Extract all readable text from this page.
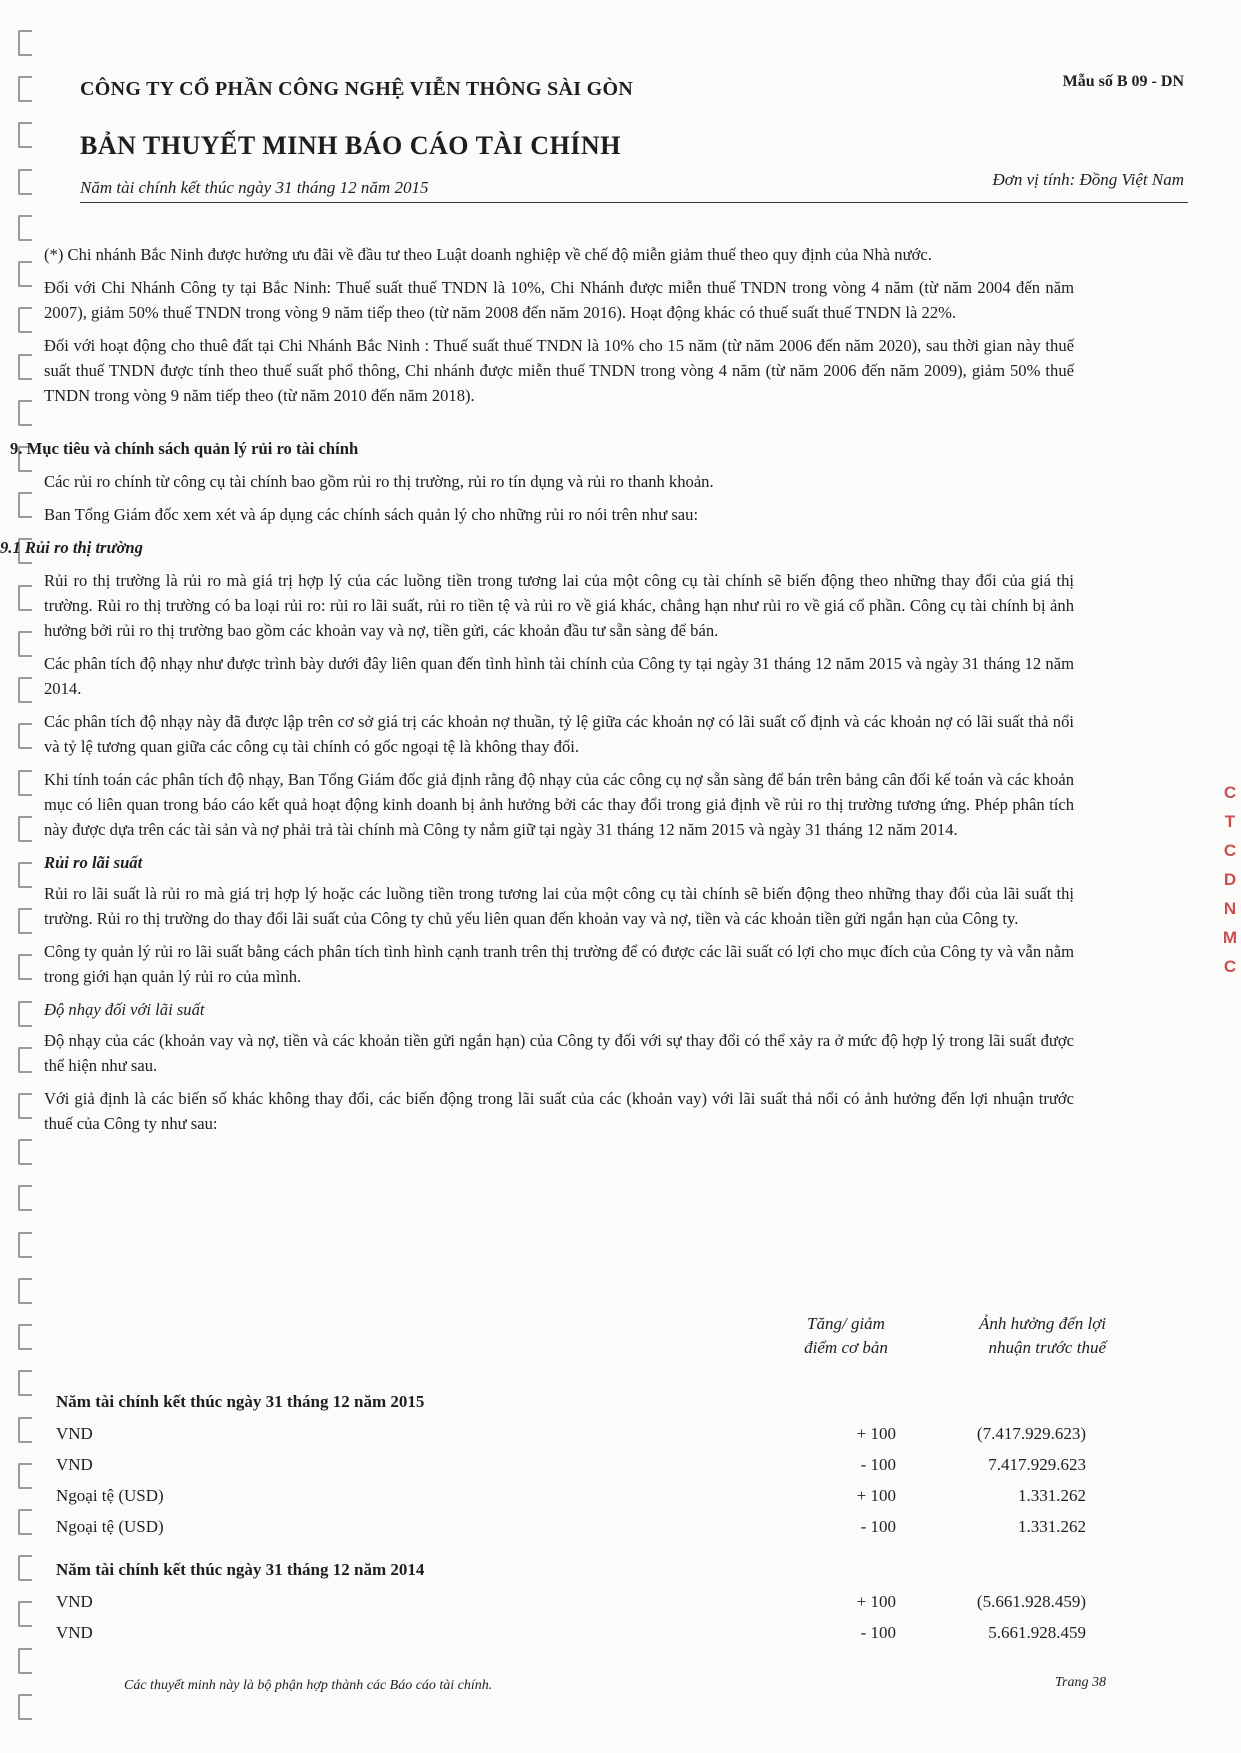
C
T
C
D
N
M
C
CÔNG TY CỔ PHẦN CÔNG NGHỆ VIỄN THÔNG SÀI GÒN	Mẫu số B 09 - DN
BẢN THUYẾT MINH BÁO CÁO TÀI CHÍNH
Năm tài chính kết thúc ngày 31 tháng 12 năm 2015	Đơn vị tính: Đồng Việt Nam

(*) Chi nhánh Bắc Ninh được hưởng ưu đãi về đầu tư theo Luật doanh nghiệp về chế độ miễn giảm thuế theo quy định của Nhà nước.

Đối với Chi Nhánh Công ty tại Bắc Ninh: Thuế suất thuế TNDN là 10%, Chi Nhánh được miễn thuế TNDN trong vòng 4 năm (từ năm 2004 đến năm 2007), giảm 50% thuế TNDN trong vòng 9 năm tiếp theo (từ năm 2008 đến năm 2016). Hoạt động khác có thuế suất thuế TNDN là 22%.

Đối với hoạt động cho thuê đất tại Chi Nhánh Bắc Ninh : Thuế suất thuế TNDN là 10% cho 15 năm (từ năm 2006 đến năm 2020), sau thời gian này thuế suất thuế TNDN được tính theo thuế suất phổ thông, Chi nhánh được miễn thuế TNDN trong vòng 4 năm (từ năm 2006 đến năm 2009), giảm 50% thuế TNDN trong vòng 9 năm tiếp theo (từ năm 2010 đến năm 2018).

9. Mục tiêu và chính sách quản lý rủi ro tài chính

Các rủi ro chính từ công cụ tài chính bao gồm rủi ro thị trường, rủi ro tín dụng và rủi ro thanh khoản.

Ban Tổng Giám đốc xem xét và áp dụng các chính sách quản lý cho những rủi ro nói trên như sau:

9.1 Rủi ro thị trường

Rủi ro thị trường là rủi ro mà giá trị hợp lý của các luồng tiền trong tương lai của một công cụ tài chính sẽ biến động theo những thay đổi của giá thị trường. Rủi ro thị trường có ba loại rủi ro: rủi ro lãi suất, rủi ro tiền tệ và rủi ro về giá khác, chẳng hạn như rủi ro về giá cổ phần. Công cụ tài chính bị ảnh hưởng bởi rủi ro thị trường bao gồm các khoản vay và nợ, tiền gửi, các khoản đầu tư sẵn sàng để bán.

Các phân tích độ nhạy như được trình bày dưới đây liên quan đến tình hình tài chính của Công ty tại ngày 31 tháng 12 năm 2015 và ngày 31 tháng 12 năm 2014.

Các phân tích độ nhạy này đã được lập trên cơ sở giá trị các khoản nợ thuần, tỷ lệ giữa các khoản nợ có lãi suất cố định và các khoản nợ có lãi suất thả nổi và tỷ lệ tương quan giữa các công cụ tài chính có gốc ngoại tệ là không thay đổi.

Khi tính toán các phân tích độ nhạy, Ban Tổng Giám đốc giả định rằng độ nhạy của các công cụ nợ sẵn sàng để bán trên bảng cân đối kế toán và các khoản mục có liên quan trong báo cáo kết quả hoạt động kinh doanh bị ảnh hưởng bởi các thay đổi trong giả định về rủi ro thị trường tương ứng. Phép phân tích này được dựa trên các tài sản và nợ phải trả tài chính mà Công ty nắm giữ tại ngày 31 tháng 12 năm 2015 và ngày 31 tháng 12 năm 2014.

Rủi ro lãi suất

Rủi ro lãi suất là rủi ro mà giá trị hợp lý hoặc các luồng tiền trong tương lai của một công cụ tài chính sẽ biến động theo những thay đổi của lãi suất thị trường. Rủi ro thị trường do thay đổi lãi suất của Công ty chủ yếu liên quan đến khoản vay và nợ, tiền và các khoản tiền gửi ngắn hạn của Công ty.

Công ty quản lý rủi ro lãi suất bằng cách phân tích tình hình cạnh tranh trên thị trường để có được các lãi suất có lợi cho mục đích của Công ty và vẫn nằm trong giới hạn quản lý rủi ro của mình.

Độ nhạy đối với lãi suất

Độ nhạy của các (khoản vay và nợ, tiền và các khoản tiền gửi ngắn hạn) của Công ty đối với sự thay đổi có thể xảy ra ở mức độ hợp lý trong lãi suất được thể hiện như sau.

Với giả định là các biến số khác không thay đổi, các biến động trong lãi suất của các (khoản vay) với lãi suất thả nổi có ảnh hưởng đến lợi nhuận trước thuế của Công ty như sau:

Tăng/ giảm
điểm cơ bản
Ảnh hưởng đến lợi
nhuận trước thuế
Năm tài chính kết thúc ngày 31 tháng 12 năm 2015
VND	+ 100	(7.417.929.623)
VND	- 100	7.417.929.623
Ngoại tệ (USD)	+ 100	1.331.262
Ngoại tệ (USD)	- 100	1.331.262
Năm tài chính kết thúc ngày 31 tháng 12 năm 2014
VND	+ 100	(5.661.928.459)
VND	- 100	5.661.928.459
Các thuyết minh này là bộ phận hợp thành các Báo cáo tài chính.	Trang 38
